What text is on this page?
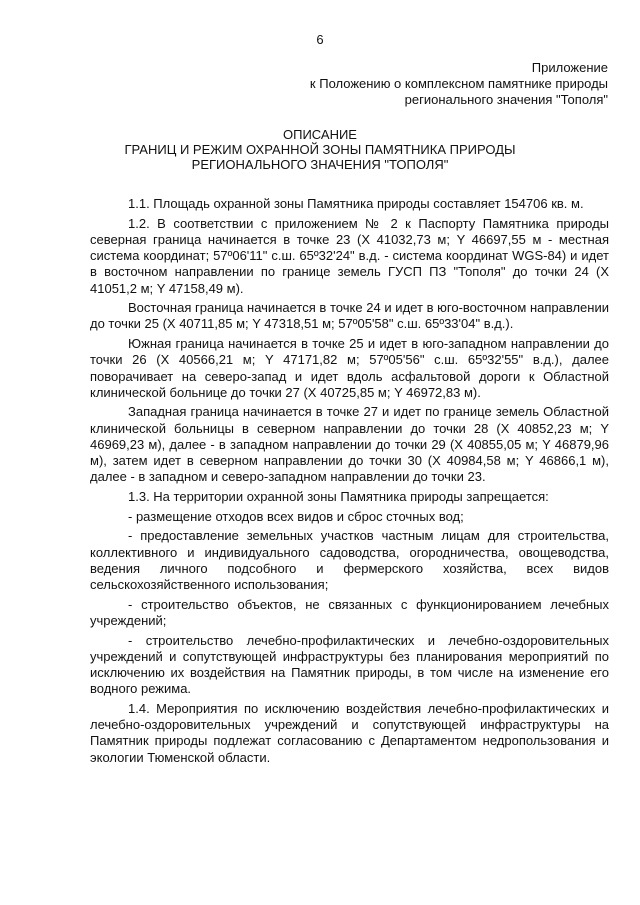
6
Приложение
к Положению о комплексном памятнике природы
регионального значения "Тополя"
ОПИСАНИЕ
ГРАНИЦ И РЕЖИМ ОХРАННОЙ ЗОНЫ ПАМЯТНИКА ПРИРОДЫ
РЕГИОНАЛЬНОГО ЗНАЧЕНИЯ "ТОПОЛЯ"

1.1. Площадь охранной зоны Памятника природы составляет 154706 кв. м.

1.2. В соответствии с приложением № 2 к Паспорту Памятника природы северная граница начинается в точке 23 (X 41032,73 м; Y 46697,55 м - местная система координат; 57º06'11" с.ш. 65º32'24" в.д. - система координат WGS-84) и идет в восточном направлении по границе земель ГУСП ПЗ "Тополя" до точки 24 (X 41051,2 м; Y 47158,49 м).

Восточная граница начинается в точке 24 и идет в юго-восточном направлении до точки 25 (X 40711,85 м; Y 47318,51 м; 57º05'58" с.ш. 65º33'04" в.д.).

Южная граница начинается в точке 25 и идет в юго-западном направлении до точки 26 (X 40566,21 м; Y 47171,82 м; 57º05'56" с.ш. 65º32'55" в.д.), далее поворачивает на северо-запад и идет вдоль асфальтовой дороги к Областной клинической больнице до точки 27 (X 40725,85 м; Y 46972,83 м).

Западная граница начинается в точке 27 и идет по границе земель Областной клинической больницы в северном направлении до точки 28 (X 40852,23 м; Y 46969,23 м), далее - в западном направлении до точки 29 (X 40855,05 м; Y 46879,96 м), затем идет в северном направлении до точки 30 (X 40984,58 м; Y 46866,1 м), далее - в западном и северо-западном направлении до точки 23.

1.3. На территории охранной зоны Памятника природы запрещается:

- размещение отходов всех видов и сброс сточных вод;

- предоставление земельных участков частным лицам для строительства, коллективного и индивидуального садоводства, огородничества, овощеводства, ведения личного подсобного и фермерского хозяйства, всех видов сельскохозяйственного использования;

- строительство объектов, не связанных с функционированием лечебных учреждений;

- строительство лечебно-профилактических и лечебно-оздоровительных учреждений и сопутствующей инфраструктуры без планирования мероприятий по исключению их воздействия на Памятник природы, в том числе на изменение его водного режима.

1.4. Мероприятия по исключению воздействия лечебно-профилактических и лечебно-оздоровительных учреждений и сопутствующей инфраструктуры на Памятник природы подлежат согласованию с Департаментом недропользования и экологии Тюменской области.
